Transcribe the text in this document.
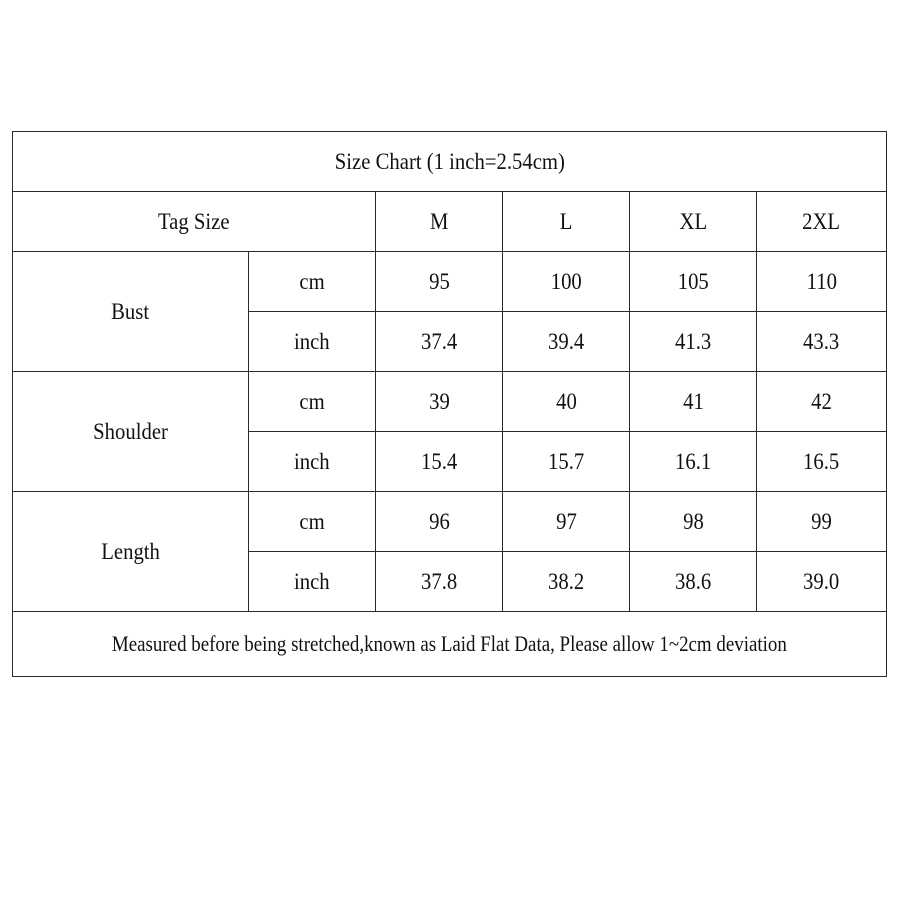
Size Chart (1 inch=2.54cm)					
Tag Size		M	L	XL	2XL
Bust	cm	95	100	105	110
	inch	37.4	39.4	41.3	43.3
Shoulder	cm	39	40	41	42
	inch	15.4	15.7	16.1	16.5
Length	cm	96	97	98	99
	inch	37.8	38.2	38.6	39.0
Measured before being stretched,known as Laid Flat Data, Please allow 1~2cm deviation					
